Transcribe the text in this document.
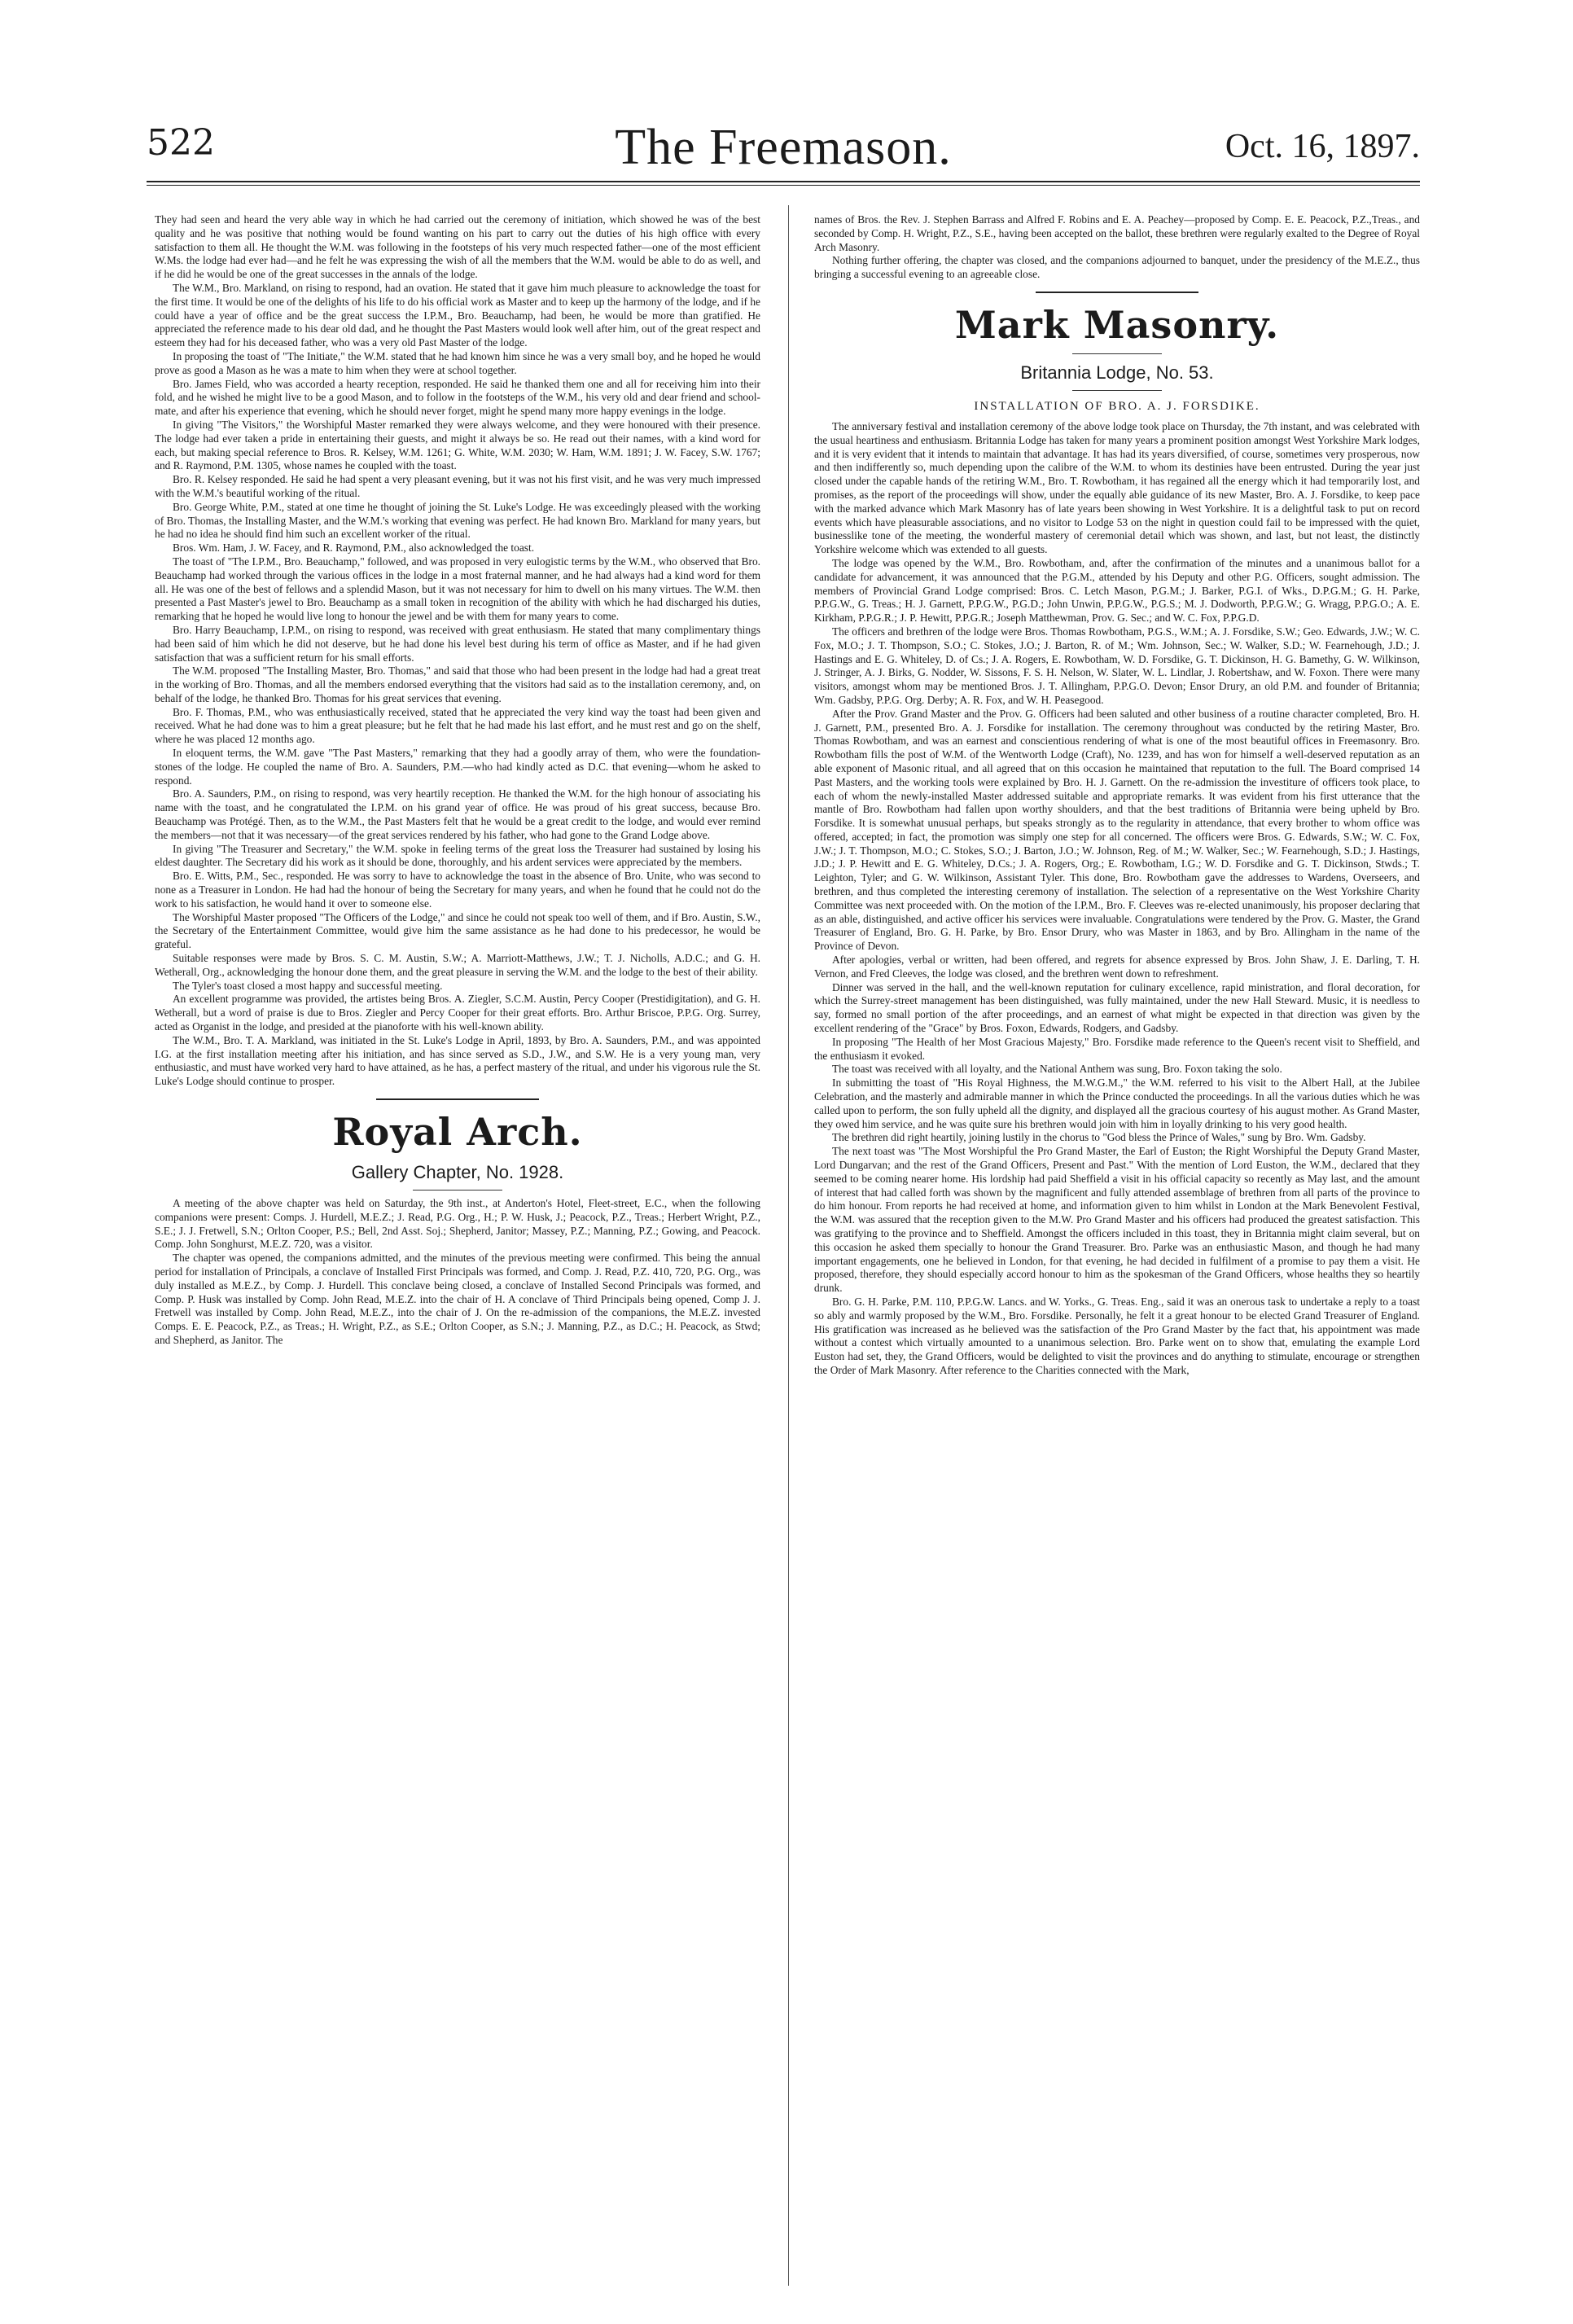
522	The Freemason.	Oct. 16, 1897.

They had seen and heard the very able way in which he had carried out the ceremony of initiation, which showed he was of the best quality and he was positive that nothing would be found wanting on his part to carry out the duties of his high office with every satisfaction to them all. He thought the W.M. was following in the footsteps of his very much respected father—one of the most efficient W.Ms. the lodge had ever had—and he felt he was expressing the wish of all the members that the W.M. would be able to do as well, and if he did he would be one of the great successes in the annals of the lodge.

The W.M., Bro. Markland, on rising to respond, had an ovation. He stated that it gave him much pleasure to acknowledge the toast for the first time. It would be one of the delights of his life to do his official work as Master and to keep up the harmony of the lodge, and if he could have a year of office and be the great success the I.P.M., Bro. Beauchamp, had been, he would be more than gratified. He appreciated the reference made to his dear old dad, and he thought the Past Masters would look well after him, out of the great respect and esteem they had for his deceased father, who was a very old Past Master of the lodge.

In proposing the toast of "The Initiate," the W.M. stated that he had known him since he was a very small boy, and he hoped he would prove as good a Mason as he was a mate to him when they were at school together.

Bro. James Field, who was accorded a hearty reception, responded. He said he thanked them one and all for receiving him into their fold, and he wished he might live to be a good Mason, and to follow in the footsteps of the W.M., his very old and dear friend and school-mate, and after his experience that evening, which he should never forget, might he spend many more happy evenings in the lodge.

In giving "The Visitors," the Worshipful Master remarked they were always welcome, and they were honoured with their presence. The lodge had ever taken a pride in entertaining their guests, and might it always be so. He read out their names, with a kind word for each, but making special reference to Bros. R. Kelsey, W.M. 1261; G. White, W.M. 2030; W. Ham, W.M. 1891; J. W. Facey, S.W. 1767; and R. Raymond, P.M. 1305, whose names he coupled with the toast.

Bro. R. Kelsey responded. He said he had spent a very pleasant evening, but it was not his first visit, and he was very much impressed with the W.M.'s beautiful working of the ritual.

Bro. George White, P.M., stated at one time he thought of joining the St. Luke's Lodge. He was exceedingly pleased with the working of Bro. Thomas, the Installing Master, and the W.M.'s working that evening was perfect. He had known Bro. Markland for many years, but he had no idea he should find him such an excellent worker of the ritual.

Bros. Wm. Ham, J. W. Facey, and R. Raymond, P.M., also acknowledged the toast.

The toast of "The I.P.M., Bro. Beauchamp," followed, and was proposed in very eulogistic terms by the W.M., who observed that Bro. Beauchamp had worked through the various offices in the lodge in a most fraternal manner, and he had always had a kind word for them all. He was one of the best of fellows and a splendid Mason, but it was not necessary for him to dwell on his many virtues. The W.M. then presented a Past Master's jewel to Bro. Beauchamp as a small token in recognition of the ability with which he had discharged his duties, remarking that he hoped he would live long to honour the jewel and be with them for many years to come.

Bro. Harry Beauchamp, I.P.M., on rising to respond, was received with great enthusiasm. He stated that many complimentary things had been said of him which he did not deserve, but he had done his level best during his term of office as Master, and if he had given satisfaction that was a sufficient return for his small efforts.

The W.M. proposed "The Installing Master, Bro. Thomas," and said that those who had been present in the lodge had had a great treat in the working of Bro. Thomas, and all the members endorsed everything that the visitors had said as to the installation ceremony, and, on behalf of the lodge, he thanked Bro. Thomas for his great services that evening.

Bro. F. Thomas, P.M., who was enthusiastically received, stated that he appreciated the very kind way the toast had been given and received. What he had done was to him a great pleasure; but he felt that he had made his last effort, and he must rest and go on the shelf, where he was placed 12 months ago.

In eloquent terms, the W.M. gave "The Past Masters," remarking that they had a goodly array of them, who were the foundation-stones of the lodge. He coupled the name of Bro. A. Saunders, P.M.—who had kindly acted as D.C. that evening—whom he asked to respond.

Bro. A. Saunders, P.M., on rising to respond, was very heartily reception. He thanked the W.M. for the high honour of associating his name with the toast, and he congratulated the I.P.M. on his grand year of office. He was proud of his great success, because Bro. Beauchamp was Protégé. Then, as to the W.M., the Past Masters felt that he would be a great credit to the lodge, and would ever remind the members—not that it was necessary—of the great services rendered by his father, who had gone to the Grand Lodge above.

In giving "The Treasurer and Secretary," the W.M. spoke in feeling terms of the great loss the Treasurer had sustained by losing his eldest daughter. The Secretary did his work as it should be done, thoroughly, and his ardent services were appreciated by the members.

Bro. E. Witts, P.M., Sec., responded. He was sorry to have to acknowledge the toast in the absence of Bro. Unite, who was second to none as a Treasurer in London. He had had the honour of being the Secretary for many years, and when he found that he could not do the work to his satisfaction, he would hand it over to someone else.

The Worshipful Master proposed "The Officers of the Lodge," and since he could not speak too well of them, and if Bro. Austin, S.W., the Secretary of the Entertainment Committee, would give him the same assistance as he had done to his predecessor, he would be grateful.

Suitable responses were made by Bros. S. C. M. Austin, S.W.; A. Marriott-Matthews, J.W.; T. J. Nicholls, A.D.C.; and G. H. Wetherall, Org., acknowledging the honour done them, and the great pleasure in serving the W.M. and the lodge to the best of their ability.

The Tyler's toast closed a most happy and successful meeting.

An excellent programme was provided, the artistes being Bros. A. Ziegler, S.C.M. Austin, Percy Cooper (Prestidigitation), and G. H. Wetherall, but a word of praise is due to Bros. Ziegler and Percy Cooper for their great efforts. Bro. Arthur Briscoe, P.P.G. Org. Surrey, acted as Organist in the lodge, and presided at the pianoforte with his well-known ability.

The W.M., Bro. T. A. Markland, was initiated in the St. Luke's Lodge in April, 1893, by Bro. A. Saunders, P.M., and was appointed I.G. at the first installation meeting after his initiation, and has since served as S.D., J.W., and S.W. He is a very young man, very enthusiastic, and must have worked very hard to have attained, as he has, a perfect mastery of the ritual, and under his vigorous rule the St. Luke's Lodge should continue to prosper.

Royal Arch.
Gallery Chapter, No. 1928.

A meeting of the above chapter was held on Saturday, the 9th inst., at Anderton's Hotel, Fleet-street, E.C., when the following companions were present: Comps. J. Hurdell, M.E.Z.; J. Read, P.G. Org., H.; P. W. Husk, J.; Peacock, P.Z., Treas.; Herbert Wright, P.Z., S.E.; J. J. Fretwell, S.N.; Orlton Cooper, P.S.; Bell, 2nd Asst. Soj.; Shepherd, Janitor; Massey, P.Z.; Manning, P.Z.; Gowing, and Peacock. Comp. John Songhurst, M.E.Z. 720, was a visitor.

The chapter was opened, the companions admitted, and the minutes of the previous meeting were confirmed. This being the annual period for installation of Principals, a conclave of Installed First Principals was formed, and Comp. J. Read, P.Z. 410, 720, P.G. Org., was duly installed as M.E.Z., by Comp. J. Hurdell. This conclave being closed, a conclave of Installed Second Principals was formed, and Comp. P. Husk was installed by Comp. John Read, M.E.Z. into the chair of H. A conclave of Third Principals being opened, Comp J. J. Fretwell was installed by Comp. John Read, M.E.Z., into the chair of J. On the re-admission of the companions, the M.E.Z. invested Comps. E. E. Peacock, P.Z., as Treas.; H. Wright, P.Z., as S.E.; Orlton Cooper, as S.N.; J. Manning, P.Z., as D.C.; H. Peacock, as Stwd; and Shepherd, as Janitor. The

names of Bros. the Rev. J. Stephen Barrass and Alfred F. Robins and E. A. Peachey—proposed by Comp. E. E. Peacock, P.Z.,Treas., and seconded by Comp. H. Wright, P.Z., S.E., having been accepted on the ballot, these brethren were regularly exalted to the Degree of Royal Arch Masonry.

Nothing further offering, the chapter was closed, and the companions adjourned to banquet, under the presidency of the M.E.Z., thus bringing a successful evening to an agreeable close.

Mark Masonry.
Britannia Lodge, No. 53.
INSTALLATION OF BRO. A. J. FORSDIKE.

The anniversary festival and installation ceremony of the above lodge took place on Thursday, the 7th instant, and was celebrated with the usual heartiness and enthusiasm. Britannia Lodge has taken for many years a prominent position amongst West Yorkshire Mark lodges, and it is very evident that it intends to maintain that advantage. It has had its years diversified, of course, sometimes very prosperous, now and then indifferently so, much depending upon the calibre of the W.M. to whom its destinies have been entrusted. During the year just closed under the capable hands of the retiring W.M., Bro. T. Rowbotham, it has regained all the energy which it had temporarily lost, and promises, as the report of the proceedings will show, under the equally able guidance of its new Master, Bro. A. J. Forsdike, to keep pace with the marked advance which Mark Masonry has of late years been showing in West Yorkshire. It is a delightful task to put on record events which have pleasurable associations, and no visitor to Lodge 53 on the night in question could fail to be impressed with the quiet, businesslike tone of the meeting, the wonderful mastery of ceremonial detail which was shown, and last, but not least, the distinctly Yorkshire welcome which was extended to all guests.

The lodge was opened by the W.M., Bro. Rowbotham, and, after the confirmation of the minutes and a unanimous ballot for a candidate for advancement, it was announced that the P.G.M., attended by his Deputy and other P.G. Officers, sought admission. The members of Provincial Grand Lodge comprised: Bros. C. Letch Mason, P.G.M.; J. Barker, P.G.I. of Wks., D.P.G.M.; G. H. Parke, P.P.G.W., G. Treas.; H. J. Garnett, P.P.G.W., P.G.D.; John Unwin, P.P.G.W., P.G.S.; M. J. Dodworth, P.P.G.W.; G. Wragg, P.P.G.O.; A. E. Kirkham, P.P.G.R.; J. P. Hewitt, P.P.G.R.; Joseph Matthewman, Prov. G. Sec.; and W. C. Fox, P.P.G.D.

The officers and brethren of the lodge were Bros. Thomas Rowbotham, P.G.S., W.M.; A. J. Forsdike, S.W.; Geo. Edwards, J.W.; W. C. Fox, M.O.; J. T. Thompson, S.O.; C. Stokes, J.O.; J. Barton, R. of M.; Wm. Johnson, Sec.; W. Walker, S.D.; W. Fearnehough, J.D.; J. Hastings and E. G. Whiteley, D. of Cs.; J. A. Rogers, E. Rowbotham, W. D. Forsdike, G. T. Dickinson, H. G. Bamethy, G. W. Wilkinson, J. Stringer, A. J. Birks, G. Nodder, W. Sissons, F. S. H. Nelson, W. Slater, W. L. Lindlar, J. Robertshaw, and W. Foxon. There were many visitors, amongst whom may be mentioned Bros. J. T. Allingham, P.P.G.O. Devon; Ensor Drury, an old P.M. and founder of Britannia; Wm. Gadsby, P.P.G. Org. Derby; A. R. Fox, and W. H. Peasegood.

After the Prov. Grand Master and the Prov. G. Officers had been saluted and other business of a routine character completed, Bro. H. J. Garnett, P.M., presented Bro. A. J. Forsdike for installation. The ceremony throughout was conducted by the retiring Master, Bro. Thomas Rowbotham, and was an earnest and conscientious rendering of what is one of the most beautiful offices in Freemasonry. Bro. Rowbotham fills the post of W.M. of the Wentworth Lodge (Craft), No. 1239, and has won for himself a well-deserved reputation as an able exponent of Masonic ritual, and all agreed that on this occasion he maintained that reputation to the full. The Board comprised 14 Past Masters, and the working tools were explained by Bro. H. J. Garnett. On the re-admission the investiture of officers took place, to each of whom the newly-installed Master addressed suitable and appropriate remarks. It was evident from his first utterance that the mantle of Bro. Rowbotham had fallen upon worthy shoulders, and that the best traditions of Britannia were being upheld by Bro. Forsdike. It is somewhat unusual perhaps, but speaks strongly as to the regularity in attendance, that every brother to whom office was offered, accepted; in fact, the promotion was simply one step for all concerned. The officers were Bros. G. Edwards, S.W.; W. C. Fox, J.W.; J. T. Thompson, M.O.; C. Stokes, S.O.; J. Barton, J.O.; W. Johnson, Reg. of M.; W. Walker, Sec.; W. Fearnehough, S.D.; J. Hastings, J.D.; J. P. Hewitt and E. G. Whiteley, D.Cs.; J. A. Rogers, Org.; E. Rowbotham, I.G.; W. D. Forsdike and G. T. Dickinson, Stwds.; T. Leighton, Tyler; and G. W. Wilkinson, Assistant Tyler. This done, Bro. Rowbotham gave the addresses to Wardens, Overseers, and brethren, and thus completed the interesting ceremony of installation. The selection of a representative on the West Yorkshire Charity Committee was next proceeded with. On the motion of the I.P.M., Bro. F. Cleeves was re-elected unanimously, his proposer declaring that as an able, distinguished, and active officer his services were invaluable. Congratulations were tendered by the Prov. G. Master, the Grand Treasurer of England, Bro. G. H. Parke, by Bro. Ensor Drury, who was Master in 1863, and by Bro. Allingham in the name of the Province of Devon.

After apologies, verbal or written, had been offered, and regrets for absence expressed by Bros. John Shaw, J. E. Darling, T. H. Vernon, and Fred Cleeves, the lodge was closed, and the brethren went down to refreshment.

Dinner was served in the hall, and the well-known reputation for culinary excellence, rapid ministration, and floral decoration, for which the Surrey-street management has been distinguished, was fully maintained, under the new Hall Steward. Music, it is needless to say, formed no small portion of the after proceedings, and an earnest of what might be expected in that direction was given by the excellent rendering of the "Grace" by Bros. Foxon, Edwards, Rodgers, and Gadsby.

In proposing "The Health of her Most Gracious Majesty," Bro. Forsdike made reference to the Queen's recent visit to Sheffield, and the enthusiasm it evoked.

The toast was received with all loyalty, and the National Anthem was sung, Bro. Foxon taking the solo.

In submitting the toast of "His Royal Highness, the M.W.G.M.," the W.M. referred to his visit to the Albert Hall, at the Jubilee Celebration, and the masterly and admirable manner in which the Prince conducted the proceedings. In all the various duties which he was called upon to perform, the son fully upheld all the dignity, and displayed all the gracious courtesy of his august mother. As Grand Master, they owed him service, and he was quite sure his brethren would join with him in loyally drinking to his very good health.

The brethren did right heartily, joining lustily in the chorus to "God bless the Prince of Wales," sung by Bro. Wm. Gadsby.

The next toast was "The Most Worshipful the Pro Grand Master, the Earl of Euston; the Right Worshipful the Deputy Grand Master, Lord Dungarvan; and the rest of the Grand Officers, Present and Past." With the mention of Lord Euston, the W.M., declared that they seemed to be coming nearer home. His lordship had paid Sheffield a visit in his official capacity so recently as May last, and the amount of interest that had called forth was shown by the magnificent and fully attended assemblage of brethren from all parts of the province to do him honour. From reports he had received at home, and information given to him whilst in London at the Mark Benevolent Festival, the W.M. was assured that the reception given to the M.W. Pro Grand Master and his officers had produced the greatest satisfaction. This was gratifying to the province and to Sheffield. Amongst the officers included in this toast, they in Britannia might claim several, but on this occasion he asked them specially to honour the Grand Treasurer. Bro. Parke was an enthusiastic Mason, and though he had many important engagements, one he believed in London, for that evening, he had decided in fulfilment of a promise to pay them a visit. He proposed, therefore, they should especially accord honour to him as the spokesman of the Grand Officers, whose healths they so heartily drunk.

Bro. G. H. Parke, P.M. 110, P.P.G.W. Lancs. and W. Yorks., G. Treas. Eng., said it was an onerous task to undertake a reply to a toast so ably and warmly proposed by the W.M., Bro. Forsdike. Personally, he felt it a great honour to be elected Grand Treasurer of England. His gratification was increased as he believed was the satisfaction of the Pro Grand Master by the fact that, his appointment was made without a contest which virtually amounted to a unanimous selection. Bro. Parke went on to show that, emulating the example Lord Euston had set, they, the Grand Officers, would be delighted to visit the provinces and do anything to stimulate, encourage or strengthen the Order of Mark Masonry. After reference to the Charities connected with the Mark,
